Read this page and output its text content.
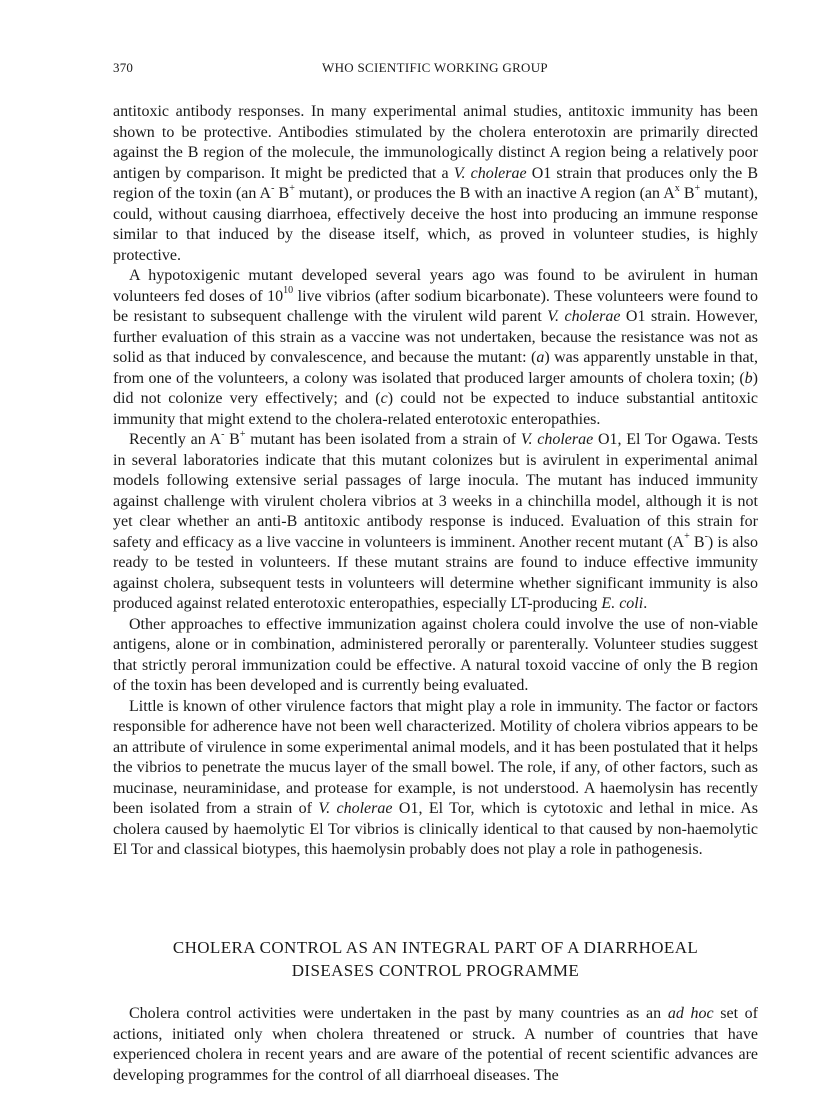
370	WHO SCIENTIFIC WORKING GROUP

antitoxic antibody responses. In many experimental animal studies, antitoxic immunity has been shown to be protective. Antibodies stimulated by the cholera enterotoxin are primarily directed against the B region of the molecule, the immunologically distinct A region being a relatively poor antigen by comparison. It might be predicted that a V. cholerae O1 strain that produces only the B region of the toxin (an A- B+ mutant), or produces the B with an inactive A region (an $A^x$ B+ mutant), could, without causing diarrhoea, effectively deceive the host into producing an immune response similar to that induced by the disease itself, which, as proved in volunteer studies, is highly protective.

A hypotoxigenic mutant developed several years ago was found to be avirulent in human volunteers fed doses of $10^{10}$ live vibrios (after sodium bicarbonate). These volunteers were found to be resistant to subsequent challenge with the virulent wild parent V. cholerae O1 strain. However, further evaluation of this strain as a vaccine was not undertaken, because the resistance was not as solid as that induced by convalescence, and because the mutant: (a) was apparently unstable in that, from one of the volunteers, a colony was isolated that produced larger amounts of cholera toxin; (b) did not colonize very effectively; and (c) could not be expected to induce substantial antitoxic immunity that might extend to the cholera-related enterotoxic enteropathies.

Recently an A- B+ mutant has been isolated from a strain of V. cholerae O1, El Tor Ogawa. Tests in several laboratories indicate that this mutant colonizes but is avirulent in experimental animal models following extensive serial passages of large inocula. The mutant has induced immunity against challenge with virulent cholera vibrios at 3 weeks in a chinchilla model, although it is not yet clear whether an anti-B antitoxic antibody response is induced. Evaluation of this strain for safety and efficacy as a live vaccine in volunteers is imminent. Another recent mutant (A+ B-) is also ready to be tested in volunteers. If these mutant strains are found to induce effective immunity against cholera, subsequent tests in volunteers will determine whether significant immunity is also produced against related enterotoxic enteropathies, especially LT-producing E. coli.

Other approaches to effective immunization against cholera could involve the use of non-viable antigens, alone or in combination, administered perorally or parenterally. Volunteer studies suggest that strictly peroral immunization could be effective. A natural toxoid vaccine of only the B region of the toxin has been developed and is currently being evaluated.

Little is known of other virulence factors that might play a role in immunity. The factor or factors responsible for adherence have not been well characterized. Motility of cholera vibrios appears to be an attribute of virulence in some experimental animal models, and it has been postulated that it helps the vibrios to penetrate the mucus layer of the small bowel. The role, if any, of other factors, such as mucinase, neuraminidase, and protease for example, is not understood. A haemolysin has recently been isolated from a strain of V. cholerae O1, El Tor, which is cytotoxic and lethal in mice. As cholera caused by haemolytic El Tor vibrios is clinically identical to that caused by non-haemolytic El Tor and classical biotypes, this haemolysin probably does not play a role in pathogenesis.

CHOLERA CONTROL AS AN INTEGRAL PART OF A DIARRHOEAL
DISEASES CONTROL PROGRAMME

Cholera control activities were undertaken in the past by many countries as an ad hoc set of actions, initiated only when cholera threatened or struck. A number of countries that have experienced cholera in recent years and are aware of the potential of recent scientific advances are developing programmes for the control of all diarrhoeal diseases. The
